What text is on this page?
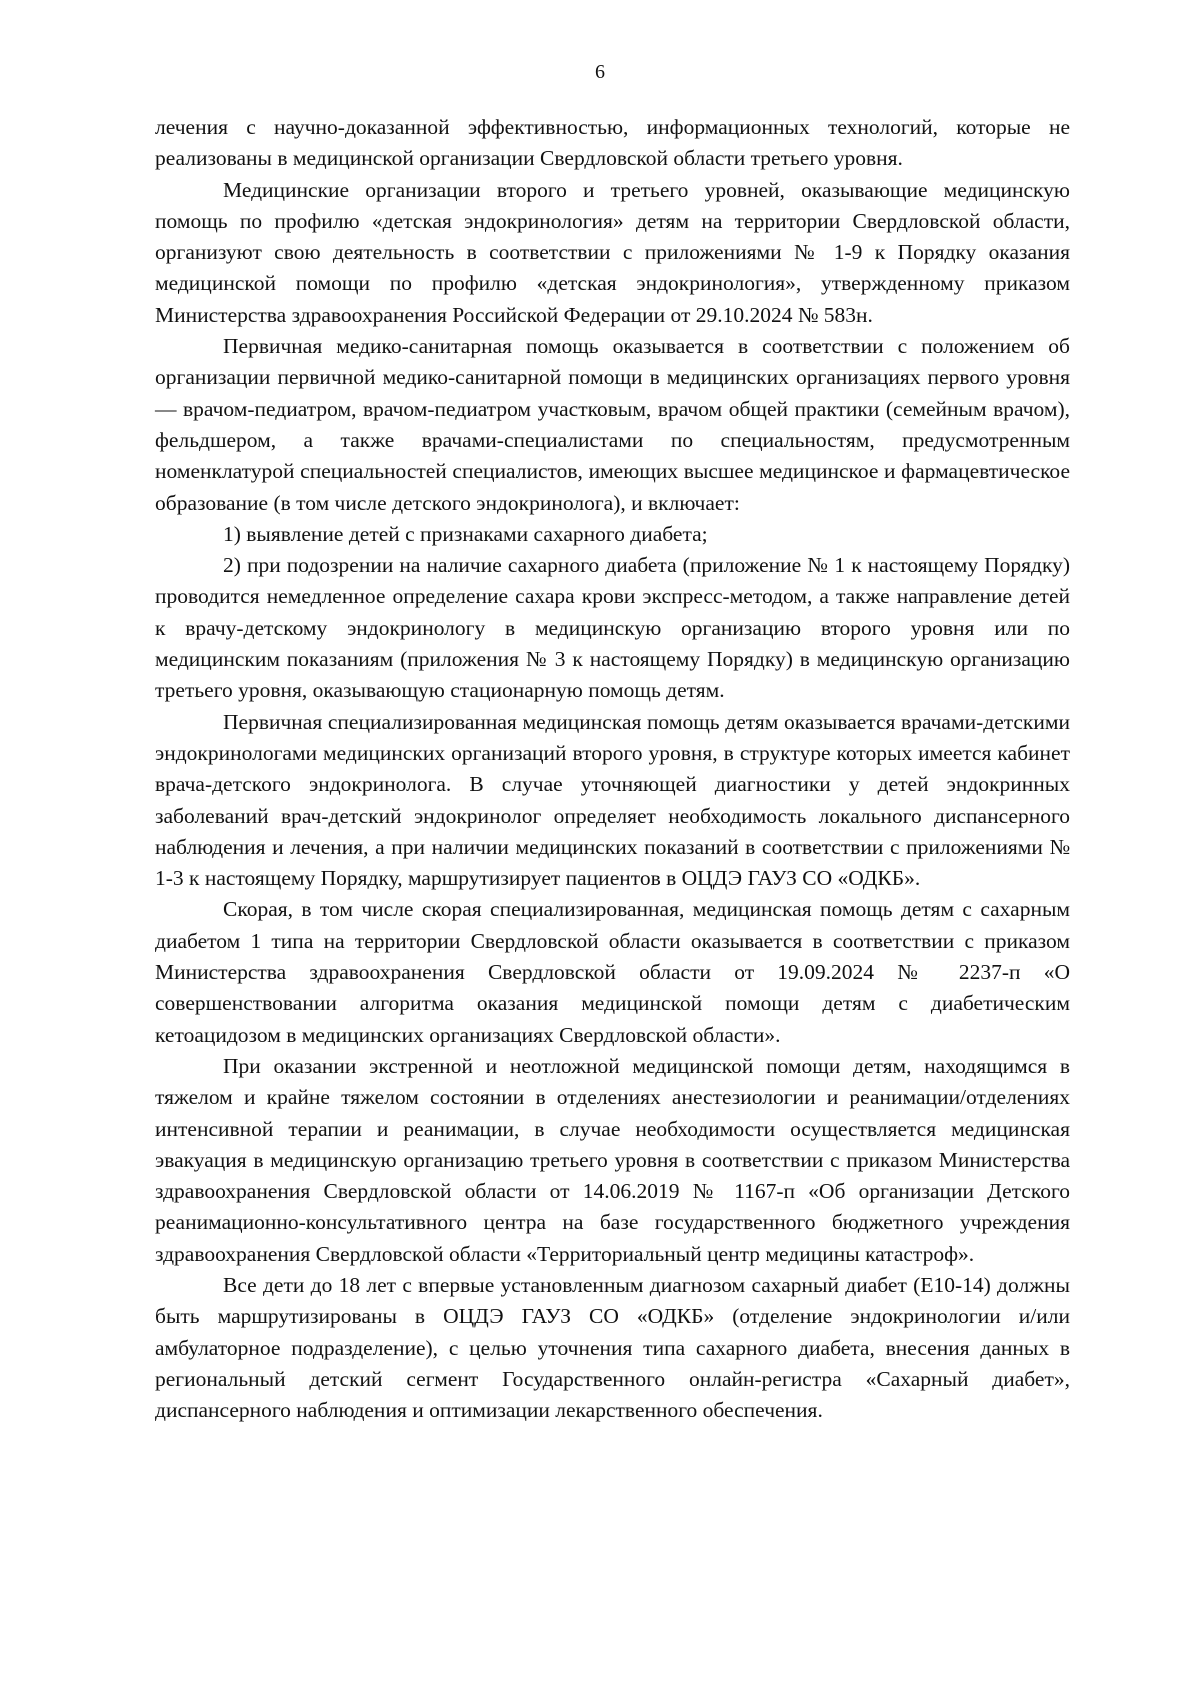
6

лечения с научно-доказанной эффективностью, информационных технологий, которые не реализованы в медицинской организации Свердловской области третьего уровня.

Медицинские организации второго и третьего уровней, оказывающие медицинскую помощь по профилю «детская эндокринология» детям на территории Свердловской области, организуют свою деятельность в соответствии с приложениями № 1-9 к Порядку оказания медицинской помощи по профилю «детская эндокринология», утвержденному приказом Министерства здравоохранения Российской Федерации от 29.10.2024 № 583н.

Первичная медико-санитарная помощь оказывается в соответствии с положением об организации первичной медико-санитарной помощи в медицинских организациях первого уровня — врачом-педиатром, врачом-педиатром участковым, врачом общей практики (семейным врачом), фельдшером, а также врачами-специалистами по специальностям, предусмотренным номенклатурой специальностей специалистов, имеющих высшее медицинское и фармацевтическое образование (в том числе детского эндокринолога), и включает:

1) выявление детей с признаками сахарного диабета;

2) при подозрении на наличие сахарного диабета (приложение № 1 к настоящему Порядку) проводится немедленное определение сахара крови экспресс-методом, а также направление детей к врачу-детскому эндокринологу в медицинскую организацию второго уровня или по медицинским показаниям (приложения № 3 к настоящему Порядку) в медицинскую организацию третьего уровня, оказывающую стационарную помощь детям.

Первичная специализированная медицинская помощь детям оказывается врачами-детскими эндокринологами медицинских организаций второго уровня, в структуре которых имеется кабинет врача-детского эндокринолога. В случае уточняющей диагностики у детей эндокринных заболеваний врач-детский эндокринолог определяет необходимость локального диспансерного наблюдения и лечения, а при наличии медицинских показаний в соответствии с приложениями № 1-3 к настоящему Порядку, маршрутизирует пациентов в ОЦДЭ ГАУЗ СО «ОДКБ».

Скорая, в том числе скорая специализированная, медицинская помощь детям с сахарным диабетом 1 типа на территории Свердловской области оказывается в соответствии с приказом Министерства здравоохранения Свердловской области от 19.09.2024 № 2237-п «О совершенствовании алгоритма оказания медицинской помощи детям с диабетическим кетоацидозом в медицинских организациях Свердловской области».

При оказании экстренной и неотложной медицинской помощи детям, находящимся в тяжелом и крайне тяжелом состоянии в отделениях анестезиологии и реанимации/отделениях интенсивной терапии и реанимации, в случае необходимости осуществляется медицинская эвакуация в медицинскую организацию третьего уровня в соответствии с приказом Министерства здравоохранения Свердловской области от 14.06.2019 № 1167-п «Об организации Детского реанимационно-консультативного центра на базе государственного бюджетного учреждения здравоохранения Свердловской области «Территориальный центр медицины катастроф».

Все дети до 18 лет с впервые установленным диагнозом сахарный диабет (Е10-14) должны быть маршрутизированы в ОЦДЭ ГАУЗ СО «ОДКБ» (отделение эндокринологии и/или амбулаторное подразделение), с целью уточнения типа сахарного диабета, внесения данных в региональный детский сегмент Государственного онлайн-регистра «Сахарный диабет», диспансерного наблюдения и оптимизации лекарственного обеспечения.
